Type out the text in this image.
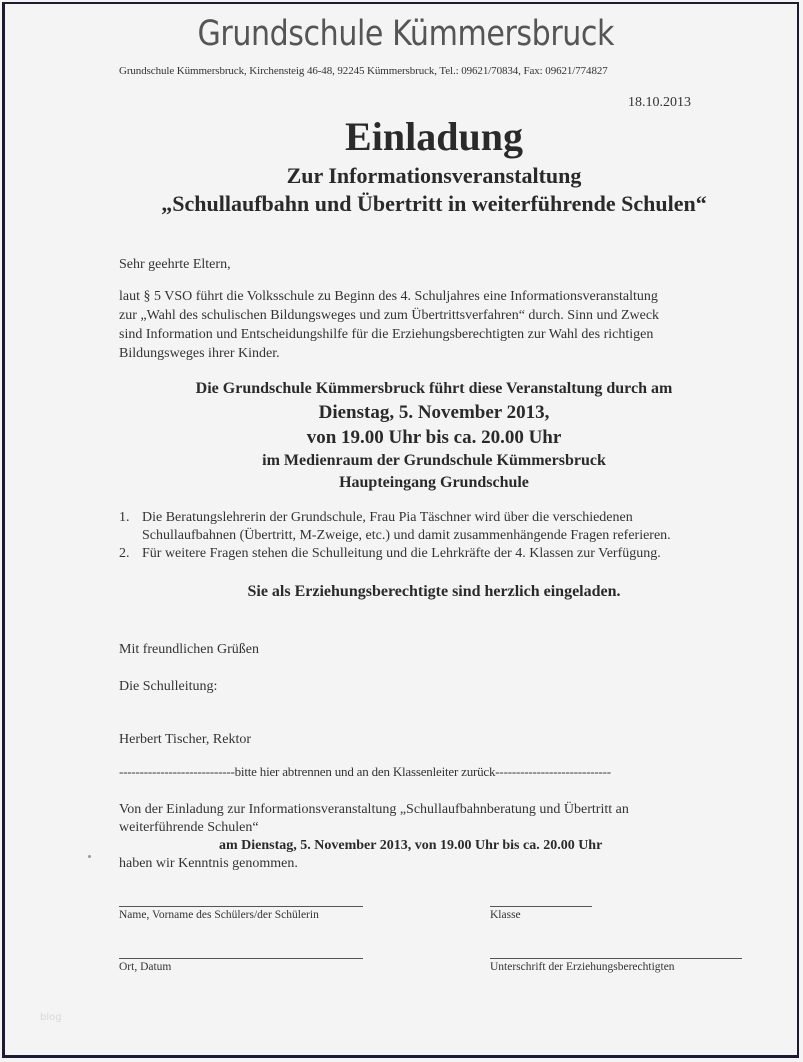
Grundschule Kümmersbruck
Grundschule Kümmersbruck, Kirchensteig 46-48, 92245 Kümmersbruck, Tel.: 09621/70834, Fax: 09621/774827
18.10.2013
Einladung
Zur Informationsveranstaltung
„Schullaufbahn und Übertritt in weiterführende Schulen“
Sehr geehrte Eltern,
laut § 5 VSO führt die Volksschule zu Beginn des 4. Schuljahres eine Informationsveranstaltung
zur „Wahl des schulischen Bildungsweges und zum Übertrittsverfahren“ durch. Sinn und Zweck
sind Information und Entscheidungshilfe für die Erziehungsberechtigten zur Wahl des richtigen
Bildungsweges ihrer Kinder.
Die Grundschule Kümmersbruck führt diese Veranstaltung durch am
Dienstag, 5. November 2013,
von 19.00 Uhr bis ca. 20.00 Uhr
im Medienraum der Grundschule Kümmersbruck
Haupteingang Grundschule
1. Die Beratungslehrerin der Grundschule, Frau Pia Täschner wird über die verschiedenen
Schullaufbahnen (Übertritt, M-Zweige, etc.) und damit zusammenhängende Fragen referieren.
2. Für weitere Fragen stehen die Schulleitung und die Lehrkräfte der 4. Klassen zur Verfügung.
Sie als Erziehungsberechtigte sind herzlich eingeladen.
Mit freundlichen Grüßen
Die Schulleitung:
Herbert Tischer, Rektor
----------------------------bitte hier abtrennen und an den Klassenleiter zurück----------------------------
Von der Einladung zur Informationsveranstaltung „Schullaufbahnberatung und Übertritt an
weiterführende Schulen“
am Dienstag, 5. November 2013, von 19.00 Uhr bis ca. 20.00 Uhr
haben wir Kenntnis genommen.
Name, Vorname des Schülers/der Schülerin	Klasse
Ort, Datum	Unterschrift der Erziehungsberechtigten
blog
